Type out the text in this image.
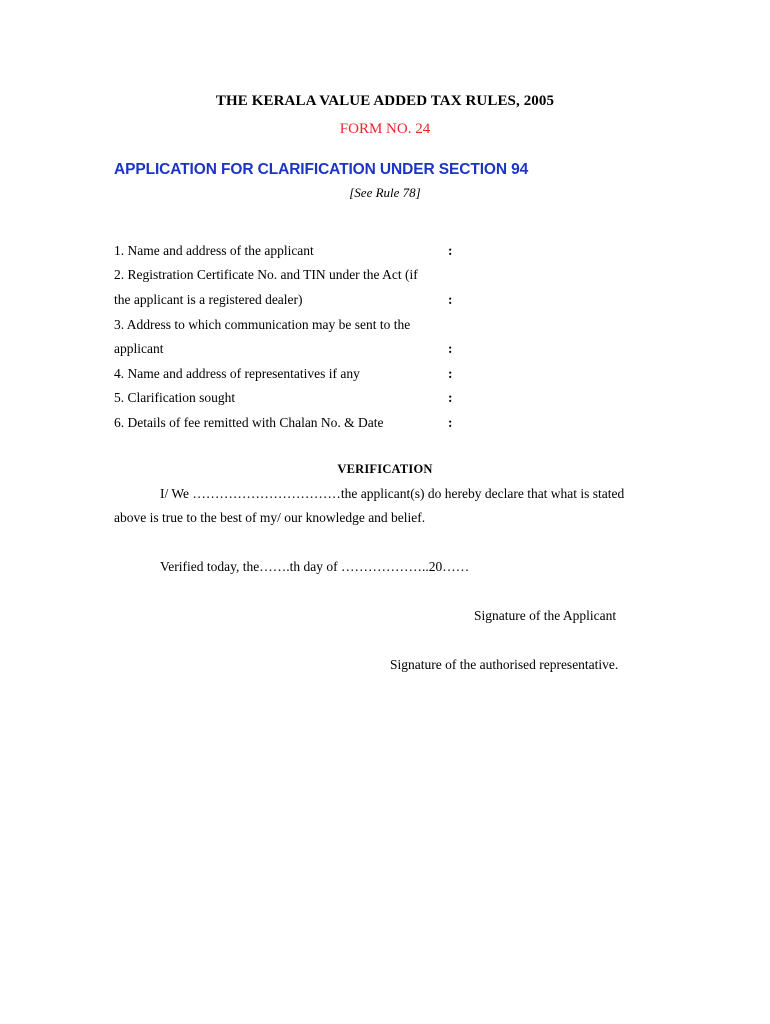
THE KERALA VALUE ADDED TAX RULES, 2005
FORM NO. 24
APPLICATION FOR CLARIFICATION UNDER SECTION 94
[See Rule 78]
1. Name and address of the applicant	:
2. Registration Certificate No. and TIN under the Act (if
the applicant is a registered dealer)	:
3. Address to which communication may be sent to the
applicant	:
4. Name and address of representatives if any	:
5. Clarification sought	:
6. Details of fee remitted with Chalan No. & Date	:
VERIFICATION
I/ We ……………………………the applicant(s) do hereby declare that what is stated
above is true to the best of my/ our knowledge and belief.
Verified today, the…….th day of ………………..20……
Signature of the Applicant
Signature of the authorised representative.
